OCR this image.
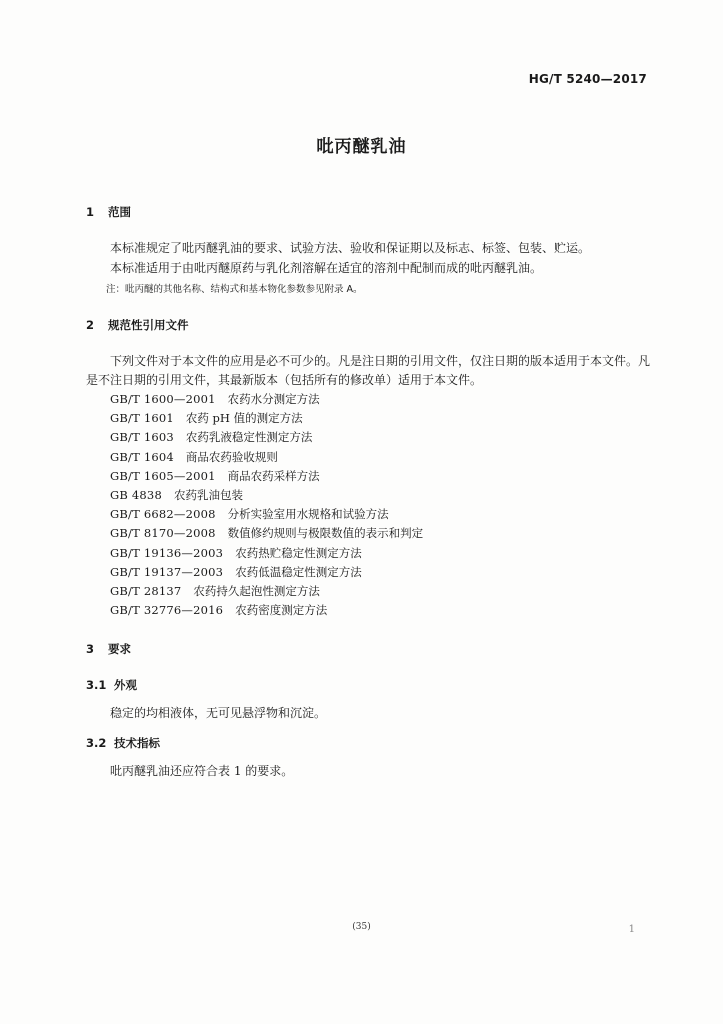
HG/T 5240—2017
吡丙醚乳油
1 范围
本标准规定了吡丙醚乳油的要求、试验方法、验收和保证期以及标志、标签、包装、贮运。
本标准适用于由吡丙醚原药与乳化剂溶解在适宜的溶剂中配制而成的吡丙醚乳油。
注：吡丙醚的其他名称、结构式和基本物化参数参见附录 A。
2 规范性引用文件
下列文件对于本文件的应用是必不可少的。凡是注日期的引用文件，仅注日期的版本适用于本文件。凡是不注日期的引用文件，其最新版本（包括所有的修改单）适用于本文件。
GB/T 1600—2001 农药水分测定方法
GB/T 1601 农药 pH 值的测定方法
GB/T 1603 农药乳液稳定性测定方法
GB/T 1604 商品农药验收规则
GB/T 1605—2001 商品农药采样方法
GB 4838 农药乳油包装
GB/T 6682—2008 分析实验室用水规格和试验方法
GB/T 8170—2008 数值修约规则与极限数值的表示和判定
GB/T 19136—2003 农药热贮稳定性测定方法
GB/T 19137—2003 农药低温稳定性测定方法
GB/T 28137 农药持久起泡性测定方法
GB/T 32776—2016 农药密度测定方法
3 要求
3.1 外观
稳定的均相液体，无可见悬浮物和沉淀。
3.2 技术指标
吡丙醚乳油还应符合表 1 的要求。
(35)	1
